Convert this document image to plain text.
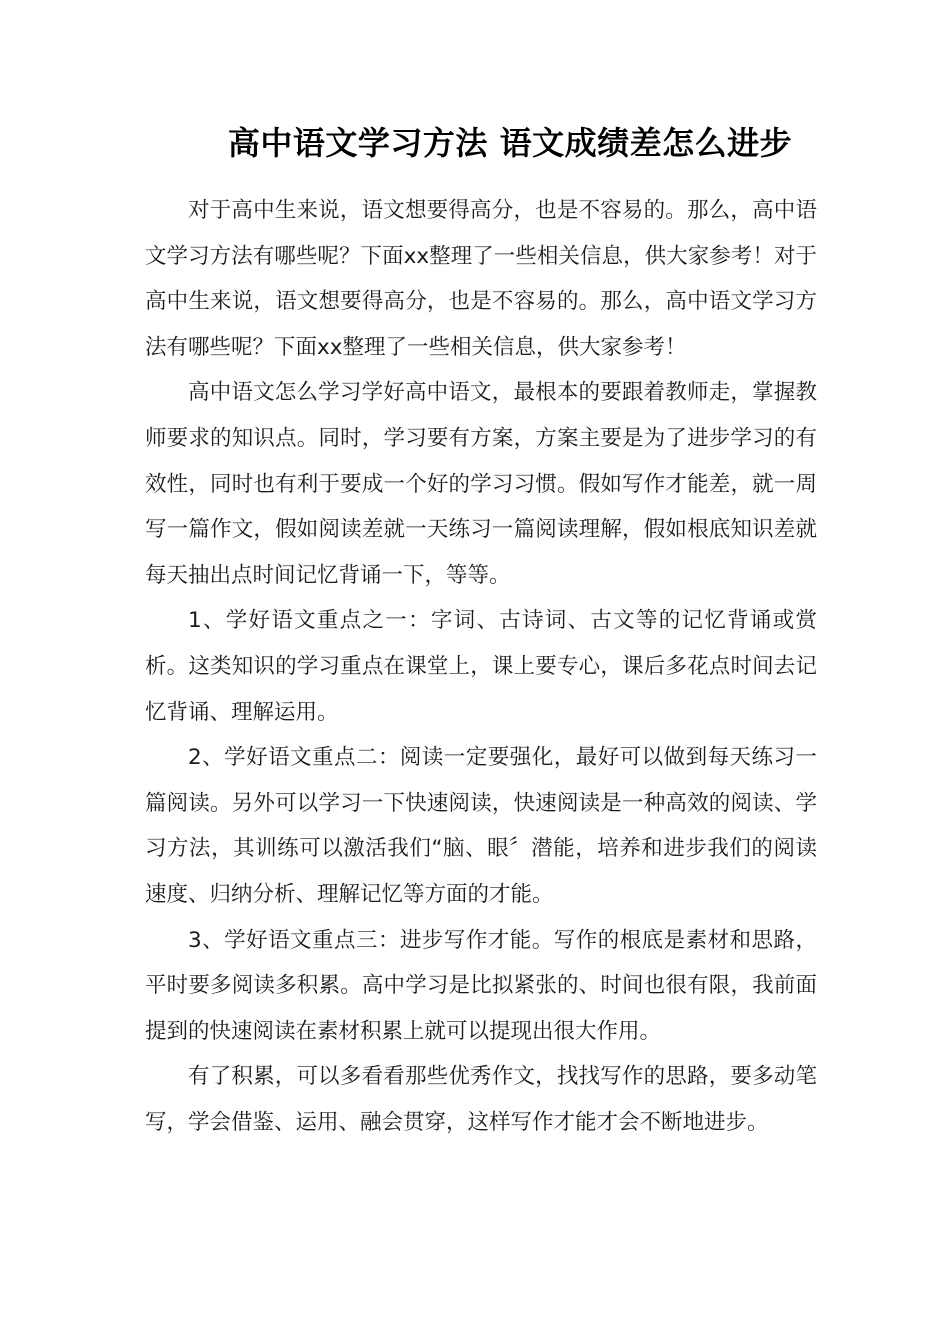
高中语文学习方法 语文成绩差怎么进步

对于高中生来说，语文想要得高分，也是不容易的。那么，高中语文学习方法有哪些呢？下面xx整理了一些相关信息，供大家参考！对于高中生来说，语文想要得高分，也是不容易的。那么，高中语文学习方法有哪些呢？下面xx整理了一些相关信息，供大家参考！

高中语文怎么学习学好高中语文，最根本的要跟着教师走，掌握教师要求的知识点。同时，学习要有方案，方案主要是为了进步学习的有效性，同时也有利于要成一个好的学习习惯。假如写作才能差，就一周写一篇作文，假如阅读差就一天练习一篇阅读理解，假如根底知识差就每天抽出点时间记忆背诵一下，等等。

1、学好语文重点之一：字词、古诗词、古文等的记忆背诵或赏析。这类知识的学习重点在课堂上，课上要专心，课后多花点时间去记忆背诵、理解运用。

2、学好语文重点二：阅读一定要强化，最好可以做到每天练习一篇阅读。另外可以学习一下快速阅读，快速阅读是一种高效的阅读、学习方法，其训练可以激活我们“脑、眼〞潜能，培养和进步我们的阅读速度、归纳分析、理解记忆等方面的才能。

3、学好语文重点三：进步写作才能。写作的根底是素材和思路，平时要多阅读多积累。高中学习是比拟紧张的、时间也很有限，我前面提到的快速阅读在素材积累上就可以提现出很大作用。

有了积累，可以多看看那些优秀作文，找找写作的思路，要多动笔写，学会借鉴、运用、融会贯穿，这样写作才能才会不断地进步。
